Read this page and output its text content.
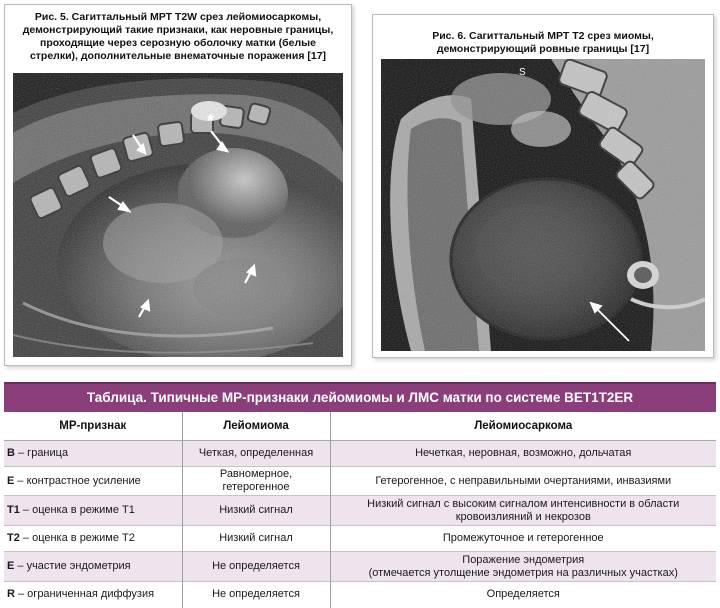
Рис. 5. Сагиттальный МРТ T2W срез лейомиосаркомы,
демонстрирующий такие признаки, как неровные границы,
проходящие через серозную оболочку матки (белые
стрелки), дополнительные внематочные поражения [17]
*
Рис. 6. Сагиттальный МРТ T2 срез миомы,
демонстрирующий ровные границы [17]
S
Таблица. Типичные МР-признаки лейомиомы и ЛМС матки по системе BET1T2ER
МР-признак	Лейомиома	Лейомиосаркома
B – граница	Четкая, определенная	Нечеткая, неровная, возможно, дольчатая
E – контрастное усиление	Равномерное, гетерогенное	Гетерогенное, с неправильными очертаниями, инвазиями
T1 – оценка в режиме Т1	Низкий сигнал	Низкий сигнал с высоким сигналом интенсивности в области
кровоизлияний и некрозов
T2 – оценка в режиме Т2	Низкий сигнал	Промежуточное и гетерогенное
E – участие эндометрия	Не определяется	Поражение эндометрия
(отмечается утолщение эндометрия на различных участках)
R – ограниченная диффузия	Не определяется	Определяется
